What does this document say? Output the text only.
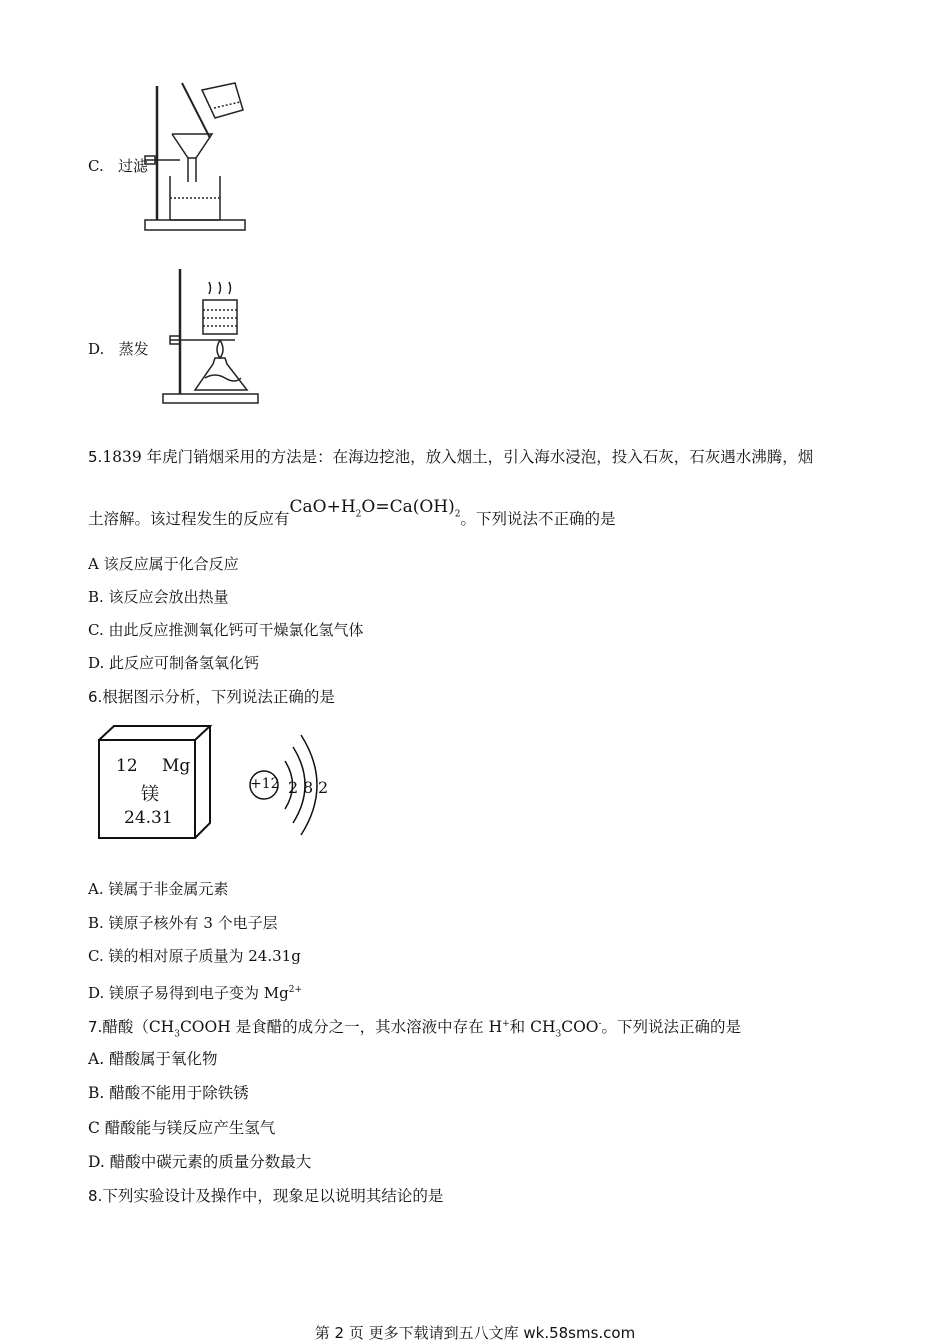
C. 过滤
D. 蒸发
5.1839 年虎门销烟采用的方法是：在海边挖池，放入烟土，引入海水浸泡，投入石灰，石灰遇水沸腾，烟
土溶解。该过程发生的反应有$CaO+H_2O=Ca(OH)_2$。下列说法不正确的是
A 该反应属于化合反应
B. 该反应会放出热量
C. 由此反应推测氧化钙可干燥氯化氢气体
D. 此反应可制备氢氧化钙
6.根据图示分析，下列说法正确的是
12 Mg
镁
24.31
+12 2 8 2
A. 镁属于非金属元素
B. 镁原子核外有 3 个电子层
C. 镁的相对原子质量为 24.31g
D. 镁原子易得到电子变为 $Mg^{2+}$
7.醋酸（$CH_3COOH$ 是食醋的成分之一，其水溶液中存在 H+和 $CH_3COO^-$。下列说法正确的是
A. 醋酸属于氧化物
B. 醋酸不能用于除铁锈
C 醋酸能与镁反应产生氢气
D. 醋酸中碳元素的质量分数最大
8.下列实验设计及操作中，现象足以说明其结论的是
第 2 页 更多下载请到五八文库 wk.58sms.com
